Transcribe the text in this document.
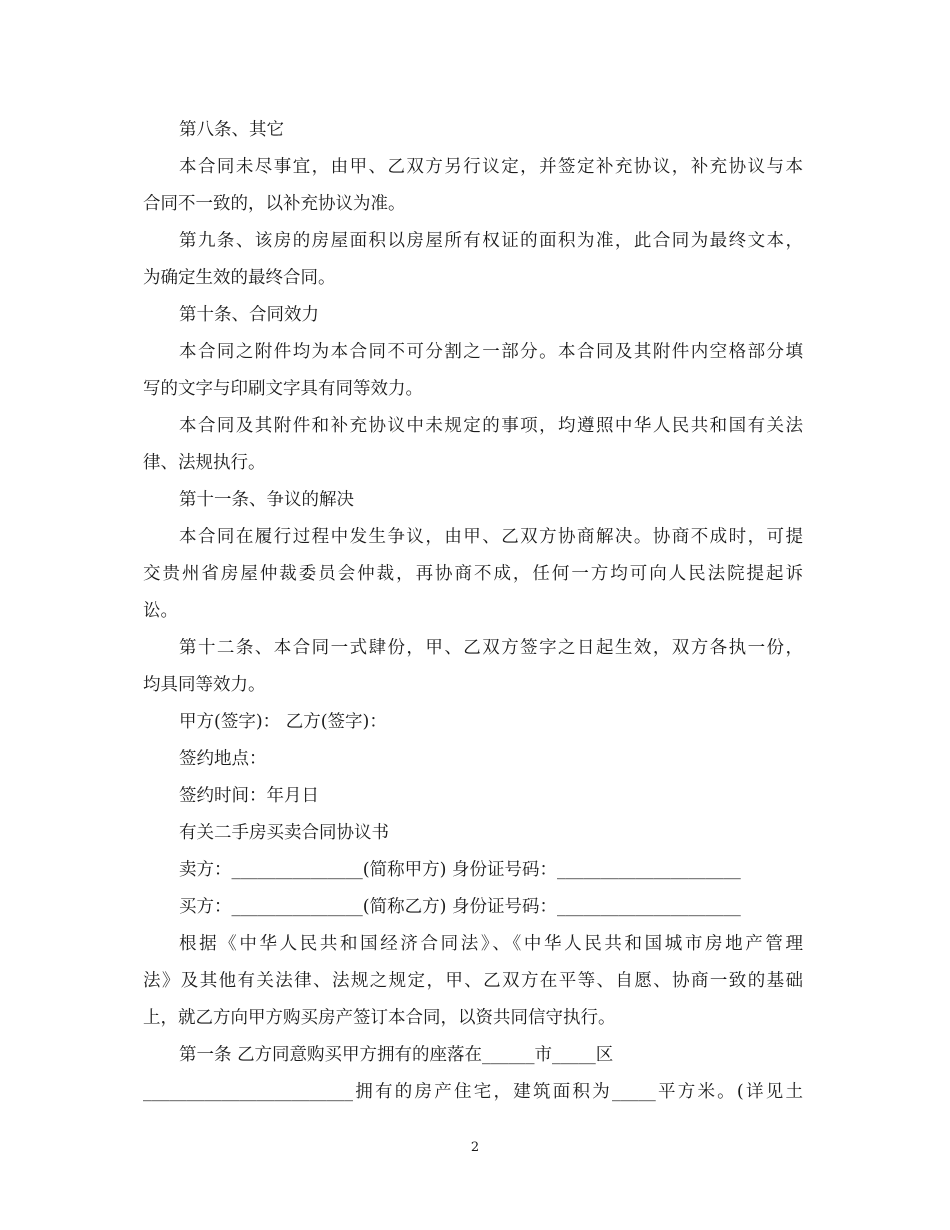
第八条、其它
本合同未尽事宜，由甲、乙双方另行议定，并签定补充协议，补充协议与本
合同不一致的，以补充协议为准。
第九条、该房的房屋面积以房屋所有权证的面积为准，此合同为最终文本，
为确定生效的最终合同。
第十条、合同效力
本合同之附件均为本合同不可分割之一部分。本合同及其附件内空格部分填
写的文字与印刷文字具有同等效力。
本合同及其附件和补充协议中未规定的事项，均遵照中华人民共和国有关法
律、法规执行。
第十一条、争议的解决
本合同在履行过程中发生争议，由甲、乙双方协商解决。协商不成时，可提
交贵州省房屋仲裁委员会仲裁，再协商不成，任何一方均可向人民法院提起诉
讼。
第十二条、本合同一式肆份，甲、乙双方签字之日起生效，双方各执一份，
均具同等效力。
甲方(签字)： 乙方(签字)：
签约地点：
签约时间：年月日
有关二手房买卖合同协议书
卖方：_______________(简称甲方) 身份证号码：_____________________
买方：_______________(简称乙方) 身份证号码：_____________________
根据《中华人民共和国经济合同法》、《中华人民共和国城市房地产管理
法》及其他有关法律、法规之规定，甲、乙双方在平等、自愿、协商一致的基础
上，就乙方向甲方购买房产签订本合同，以资共同信守执行。
第一条 乙方同意购买甲方拥有的座落在______市_____区
________________________拥有的房产住宅，建筑面积为_____平方米。(详见土
2
